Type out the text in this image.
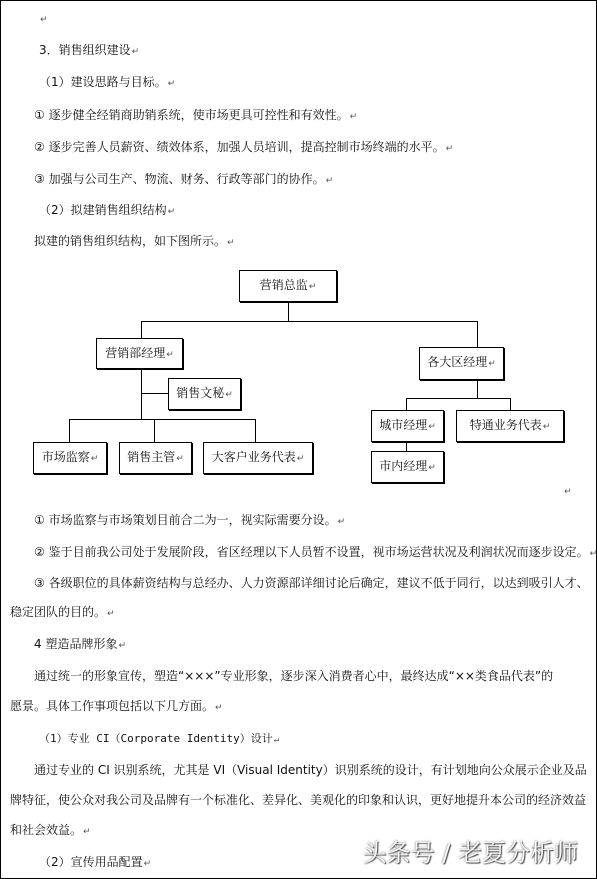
↵
3．销售组织建设↵
（1）建设思路与目标。↵
① 逐步健全经销商助销系统，使市场更具可控性和有效性。↵
② 逐步完善人员薪资、绩效体系，加强人员培训，提高控制市场终端的水平。↵
③ 加强与公司生产、物流、财务、行政等部门的协作。↵
（2）拟建销售组织结构↵
拟建的销售组织结构，如下图所示。↵
营销总监↵
营销部经理↵
销售文秘↵
市场监察↵	销售主管↵	大客户业务代表↵
各大区经理↵
城市经理↵	特通业务代表↵
市内经理↵
↵
① 市场监察与市场策划目前合二为一，视实际需要分设。↵
② 鉴于目前我公司处于发展阶段，省区经理以下人员暂不设置，视市场运营状况及利润状况而逐步设定。↵
③ 各级职位的具体薪资结构与总经办、人力资源部详细讨论后确定，建议不低于同行，以达到吸引人才、
稳定团队的目的。↵
4 塑造品牌形象↵
通过统一的形象宣传，塑造“×××”专业形象，逐步深入消费者心中，最终达成“××类食品代表”的
愿景。具体工作事项包括以下几方面。↵
（1）专业 CI（Corporate Identity）设计↵
通过专业的 CI 识别系统，尤其是 VI（Visual Identity）识别系统的设计，有计划地向公众展示企业及品
牌特征，使公众对我公司及品牌有一个标准化、差异化、美观化的印象和认识，更好地提升本公司的经济效益
和社会效益。↵
（2）宣传用品配置↵	头条号 / 老夏分析师
